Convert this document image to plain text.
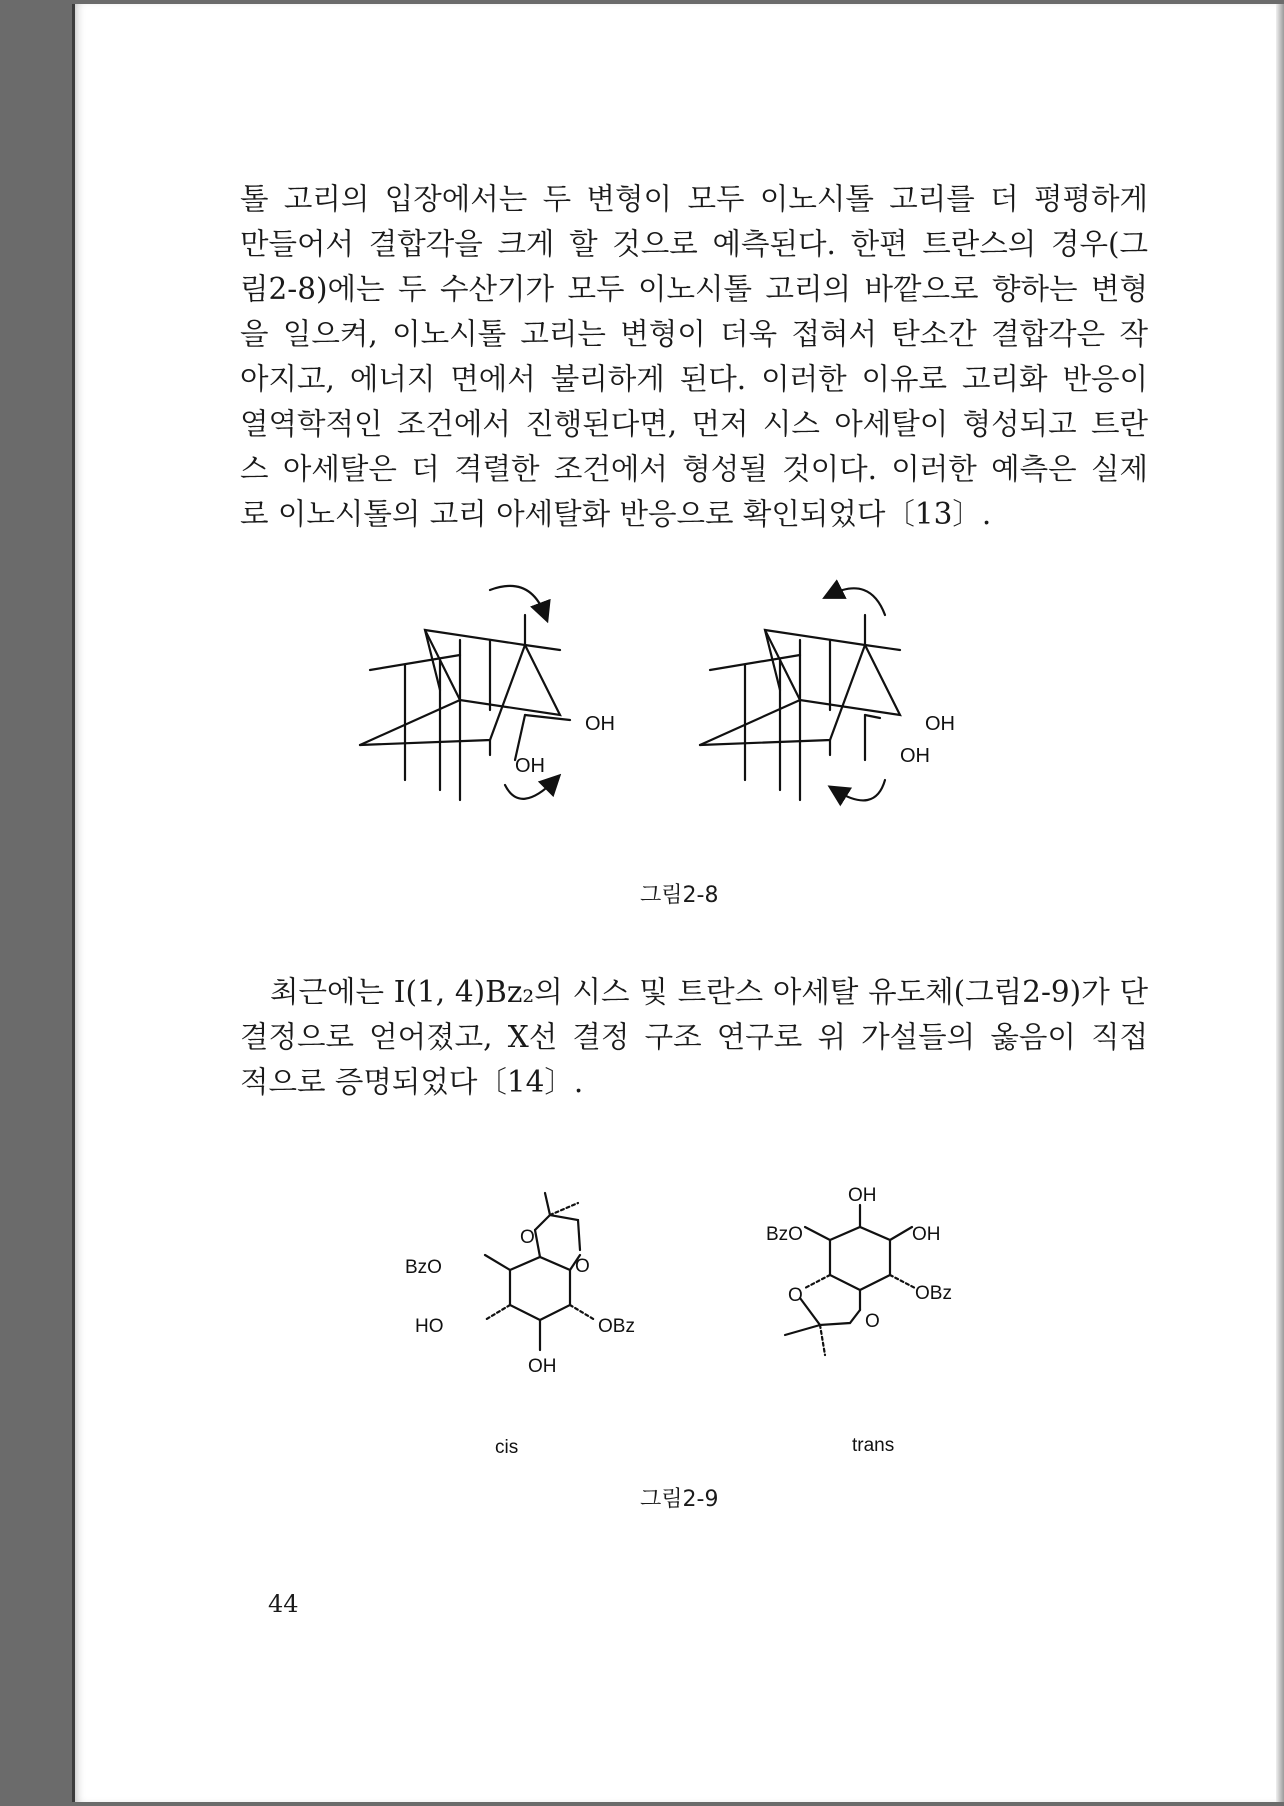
톨 고리의 입장에서는 두 변형이 모두 이노시톨 고리를 더 평평하게
만들어서 결합각을 크게 할 것으로 예측된다. 한편 트란스의 경우(그
림2-8)에는 두 수산기가 모두 이노시톨 고리의 바깥으로 향하는 변형
을 일으켜, 이노시톨 고리는 변형이 더욱 접혀서 탄소간 결합각은 작
아지고, 에너지 면에서 불리하게 된다. 이러한 이유로 고리화 반응이
열역학적인 조건에서 진행된다면, 먼저 시스 아세탈이 형성되고 트란
스 아세탈은 더 격렬한 조건에서 형성될 것이다. 이러한 예측은 실제
로 이노시톨의 고리 아세탈화 반응으로 확인되었다〔13〕.
OH
OH
OH
OH
그림2-8
최근에는 I(1, 4)Bz₂의 시스 및 트란스 아세탈 유도체(그림2-9)가 단
결정으로 얻어졌고, X선 결정 구조 연구로 위 가설들의 옳음이 직접
적으로 증명되었다〔14〕.
O
O
BzO
HO	OBz
OH
cis
OH
BzO	OH
O	OBz
O
trans
그림2-9
44
